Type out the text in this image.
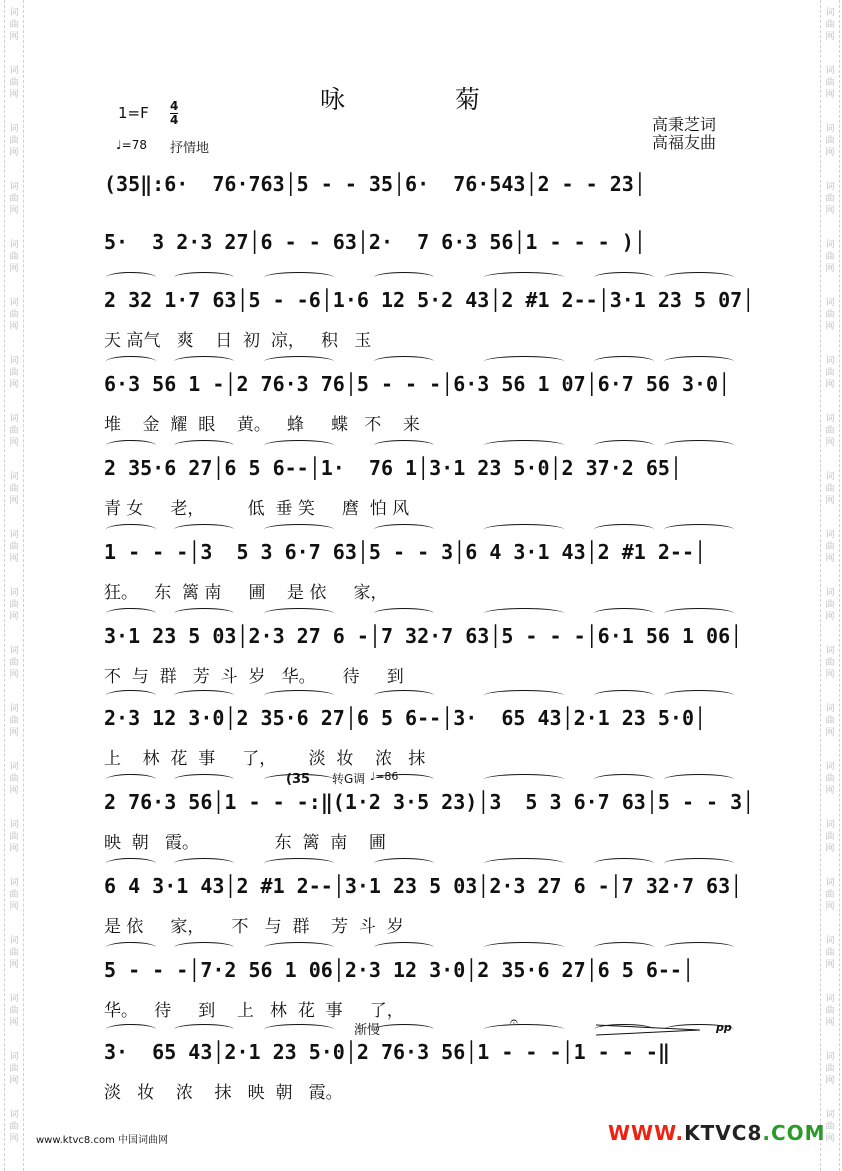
词
曲
网
词
曲
网
词
曲
网
词
曲
网
词
曲
网
词
曲
网
词
曲
网
词
曲
网
词
曲
网
词
曲
网
词
曲
网
词
曲
网
词
曲
网
词
曲
网
词
曲
网
词
曲
网
词
曲
网
词
曲
网
词
曲
网
词
曲
网
词
曲
网
词
曲
网
词
曲
网
词
曲
网
词
曲
网
词
曲
网
词
曲
网
词
曲
网
词
曲
网
词
曲
网
词
曲
网
词
曲
网
词
曲
网
词
曲
网
词
曲
网
词
曲
网
词
曲
网
词
曲
网
词
曲
网
词
曲
网
咏	菊
$1=F \frac{4}{4}$
♩=78 抒情地
高秉芝词
高福友曲
(35‖:6·  76·763│5 - - 35│6·  76·543│2 - - 23│
5·  3 2·3 27│6 - - 63│2·  7 6·3 56│1 - - - )│
2 32 1·7 63│5 - -6│1·6 12 5·2 43│2 #1 2--│3·1 23 5 07│
天 高气   爽    日  初  凉，   积   玉
6·3 56 1 -│2 76·3 76│5 - - -│6·3 56 1 07│6·7 56 3·0│
堆    金  耀  眼    黄。   蜂     蝶   不    来
2 35·6 27│6 5 6--│1·  76 1│3·1 23 5·0│2 37·2 65│
青 女     老，        低  垂 笑     麿  怕 风
1 - - -│3  5 3 6·7 63│5 - - 3│6 4 3·1 43│2 #1 2--│
狂。   东  篱 南     圃    是 依     家，
3·1 23 5 03│2·3 27 6 -│7 32·7 63│5 - - -│6·1 56 1 06│
不  与  群   芳  斗  岁   华。     待     到
2·3 12 3·0│2 35·6 27│6 5 6--│3·  65 43│2·1 23 5·0│
上    林  花  事     了，      淡  妆    浓   抹
2 76·3 56│1 - - -:‖(1·2 3·5 23)│3  5 3 6·7 63│5 - - 3│
映  朝   霞。              东  篱  南    圃
6 4 3·1 43│2 #1 2--│3·1 23 5 03│2·3 27 6 -│7 32·7 63│
是 依     家，     不   与  群    芳  斗  岁
5 - - -│7·2 56 1 06│2·3 12 3·0│2 35·6 27│6 5 6--│
华。   待     到    上   林  花  事     了，
3·  65 43│2·1 23 5·0│2 76·3 56│1 - - -│1 - - -‖
淡   妆    浓    抹   映  朝   霞。
(35 转G调 ♩=86
渐慢	pp
𝄐
www.ktvc8.com 中国词曲网	WWW.KTVC8.COM
